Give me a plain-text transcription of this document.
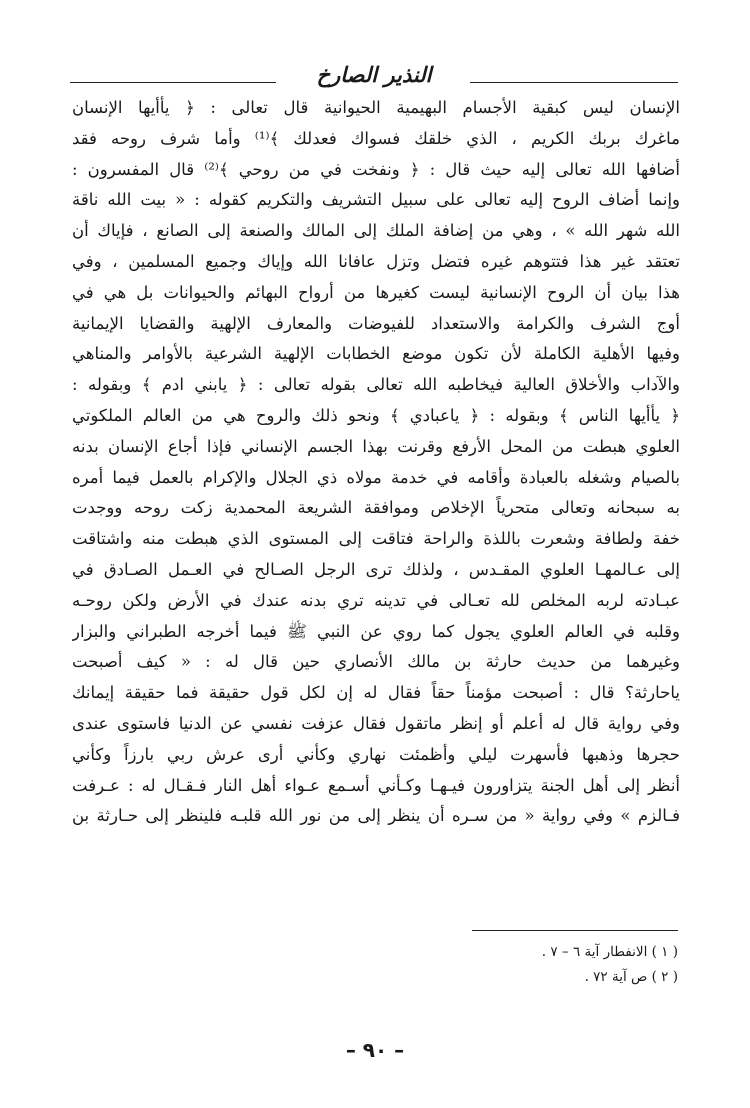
النذير الصارخ
الإنسان ليس كبقية الأجسام البهيمية الحيوانية قال تعالى : ﴿ يأأيها الإنسان
ماغرك بربك الكريم ، الذي خلقك فسواك فعدلك ﴾⁽¹⁾ وأما شرف روحه فقد
أضافها الله تعالى إليه حيث قال : ﴿ ونفخت في من روحي ﴾⁽²⁾ قال المفسرون :
وإنما أضاف الروح إليه تعالى على سبيل التشريف والتكريم كقوله : « بيت الله ناقة
الله شهر الله » ، وهي من إضافة الملك إلى المالك والصنعة إلى الصانع ، فإياك أن
تعتقد غير هذا فتتوهم غيره فتضل وتزل عافانا الله وإياك وجميع المسلمين ، وفي
هذا بيان أن الروح الإنسانية ليست كغيرها من أرواح البهائم والحيوانات بل هي في
أوج الشرف والكرامة والاستعداد للفيوضات والمعارف الإلهية والقضايا الإيمانية
وفيها الأهلية الكاملة لأن تكون موضع الخطابات الإلهية الشرعية بالأوامر والمناهي
والآداب والأخلاق العالية فيخاطبه الله تعالى بقوله تعالى : ﴿ يابني ادم ﴾ وبقوله :
﴿ يأأيها الناس ﴾ وبقوله : ﴿ ياعبادي ﴾ ونحو ذلك والروح هي من العالم الملكوتي
العلوي هبطت من المحل الأرفع وقرنت بهذا الجسم الإنساني فإذا أجاع الإنسان بدنه
بالصيام وشغله بالعبادة وأقامه في خدمة مولاه ذي الجلال والإكرام بالعمل فيما أمره
به سبحانه وتعالى متحرياً الإخلاص وموافقة الشريعة المحمدية زكت روحه ووجدت
خفة ولطافة وشعرت باللذة والراحة فتاقت إلى المستوى الذي هبطت منه واشتاقت
إلى عـالمهـا العلوي المقـدس ، ولذلك ترى الرجل الصـالح في العـمل الصـادق في
عبـادته لربه المخلص لله تعـالى في تدينه تري بدنه عندك في الأرض ولكن روحـه
وقلبه في العالم العلوي يجول كما روي عن النبي ﷺ فيما أخرجه الطبراني والبزار
وغيرهما من حديث حارثة بن مالك الأنصاري حين قال له : « كيف أصبحت
ياحارثة؟ قال : أصبحت مؤمناً حقاً فقال له إن لكل قول حقيقة فما حقيقة إيمانك
وفي رواية قال له أعلم أو إنظر ماتقول فقال عزفت نفسي عن الدنيا فاستوى عندى
حجرها وذهبها فأسهرت ليلي وأظمئت نهاري وكأني أرى عرش ربي بارزاً وكأني
أنظر إلى أهل الجنة يتزاورون فيـهـا وكـأني أسـمع عـواء أهل النار فـقـال له : عـرفت
فـالزم » وفي رواية « من سـره أن ينظر إلى من نور الله قلبـه فلينظر إلى حـارثة بن
( ١ ) الانفطار آية ٦ – ٧ .
( ٢ ) ص آية ٧٢ .
– ٩٠ –
